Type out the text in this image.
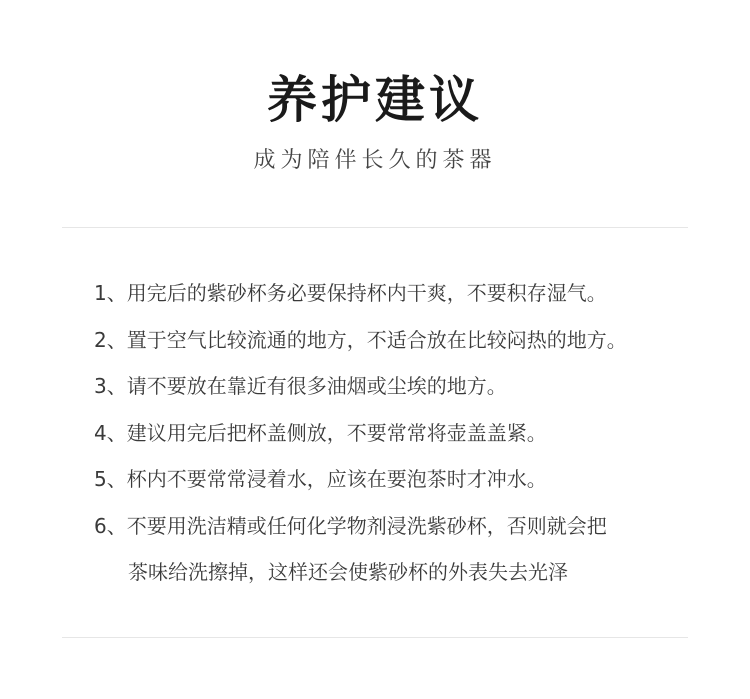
养护建议
成为陪伴长久的茶器
1、用完后的紫砂杯务必要保持杯内干爽，不要积存湿气。
2、置于空气比较流通的地方，不适合放在比较闷热的地方。
3、请不要放在靠近有很多油烟或尘埃的地方。
4、建议用完后把杯盖侧放，不要常常将壶盖盖紧。
5、杯内不要常常浸着水，应该在要泡茶时才冲水。
6、不要用洗洁精或任何化学物剂浸洗紫砂杯，否则就会把
茶味给洗擦掉，这样还会使紫砂杯的外表失去光泽
